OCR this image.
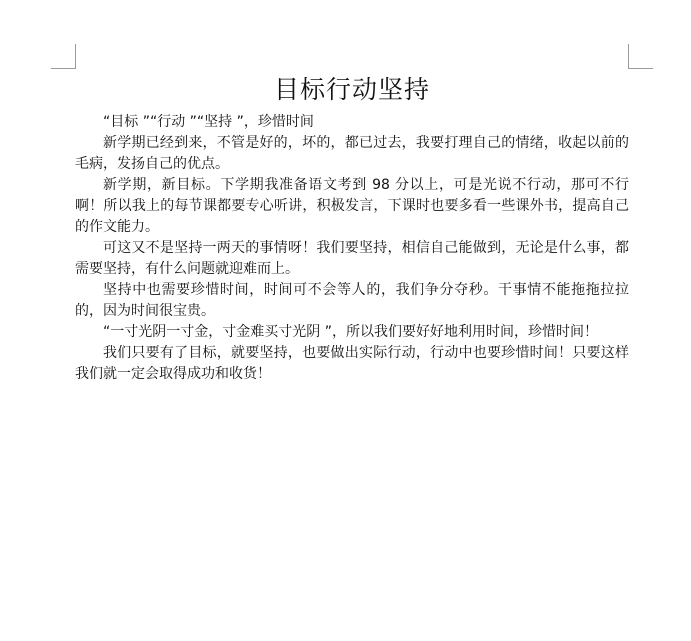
目标行动坚持

“目标 ”“行动 ”“坚持 ”，珍惜时间

新学期已经到来，不管是好的，坏的，都已过去，我要打理自己的情绪，收起以前的毛病，发扬自己的优点。

新学期，新目标。下学期我准备语文考到 98 分以上，可是光说不行动，那可不行啊！所以我上的每节课都要专心听讲，积极发言，下课时也要多看一些课外书，提高自己的作文能力。

可这又不是坚持一两天的事情呀！我们要坚持，相信自己能做到，无论是什么事，都需要坚持，有什么问题就迎难而上。

坚持中也需要珍惜时间，时间可不会等人的，我们争分夺秒。干事情不能拖拖拉拉的，因为时间很宝贵。

“一寸光阴一寸金，寸金难买寸光阴 ”，所以我们要好好地利用时间，珍惜时间！

我们只要有了目标，就要坚持，也要做出实际行动，行动中也要珍惜时间！只要这样我们就一定会取得成功和收货！
